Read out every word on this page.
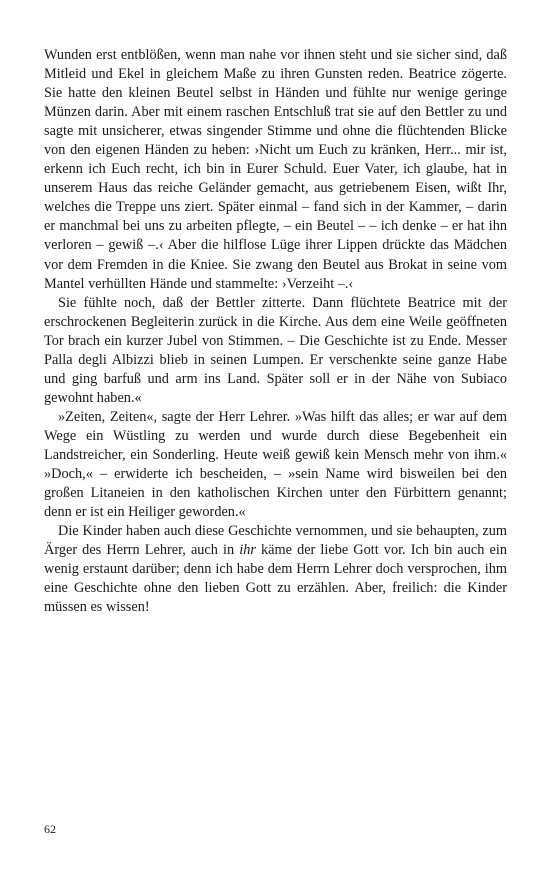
Wunden erst entblößen, wenn man nahe vor ihnen steht und sie sicher sind, daß Mitleid und Ekel in gleichem Maße zu ihren Gunsten reden. Beatrice zögerte. Sie hatte den kleinen Beutel selbst in Händen und fühlte nur wenige geringe Münzen darin. Aber mit einem raschen Entschluß trat sie auf den Bettler zu und sagte mit unsicherer, etwas singender Stimme und ohne die flüchtenden Blicke von den eigenen Händen zu heben: ›Nicht um Euch zu kränken, Herr... mir ist, erkenn ich Euch recht, ich bin in Eurer Schuld. Euer Vater, ich glaube, hat in unserem Haus das reiche Geländer gemacht, aus getriebenem Eisen, wißt Ihr, welches die Treppe uns ziert. Später einmal – fand sich in der Kammer, – darin er manchmal bei uns zu arbeiten pflegte, – ein Beutel – – ich denke – er hat ihn verloren – gewiß –.‹ Aber die hilflose Lüge ihrer Lippen drückte das Mädchen vor dem Fremden in die Kniee. Sie zwang den Beutel aus Brokat in seine vom Mantel verhüllten Hände und stammelte: ›Verzeiht –.‹

Sie fühlte noch, daß der Bettler zitterte. Dann flüchtete Beatrice mit der erschrockenen Begleiterin zurück in die Kirche. Aus dem eine Weile geöffneten Tor brach ein kurzer Jubel von Stimmen. – Die Geschichte ist zu Ende. Messer Palla degli Albizzi blieb in seinen Lumpen. Er verschenkte seine ganze Habe und ging barfuß und arm ins Land. Später soll er in der Nähe von Subiaco gewohnt haben.«

»Zeiten, Zeiten«, sagte der Herr Lehrer. »Was hilft das alles; er war auf dem Wege ein Wüstling zu werden und wurde durch diese Begebenheit ein Landstreicher, ein Sonderling. Heute weiß gewiß kein Mensch mehr von ihm.« »Doch,« – erwiderte ich bescheiden, – »sein Name wird bisweilen bei den großen Litaneien in den katholischen Kirchen unter den Fürbittern genannt; denn er ist ein Heiliger geworden.«

Die Kinder haben auch diese Geschichte vernommen, und sie behaupten, zum Ärger des Herrn Lehrer, auch in ihr käme der liebe Gott vor. Ich bin auch ein wenig erstaunt darüber; denn ich habe dem Herrn Lehrer doch versprochen, ihm eine Geschichte ohne den lieben Gott zu erzählen. Aber, freilich: die Kinder müssen es wissen!

62
